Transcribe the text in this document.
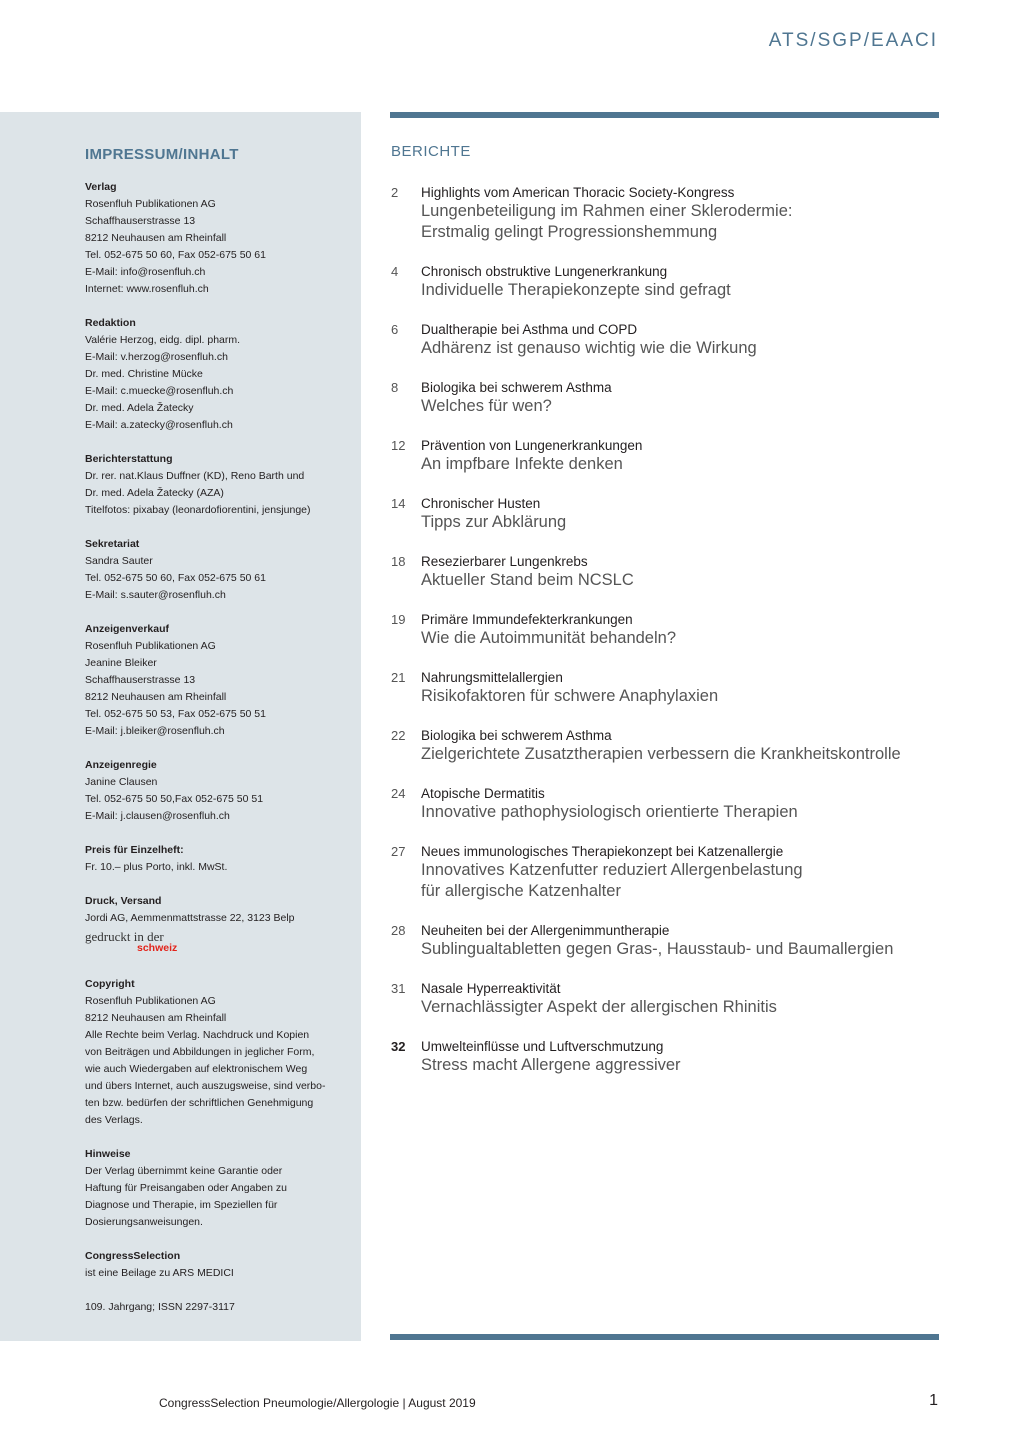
ATS/SGP/EAACI
IMPRESSUM/INHALT
Verlag
Rosenfluh Publikationen AG
Schaffhauserstrasse 13
8212 Neuhausen am Rheinfall
Tel. 052-675 50 60, Fax 052-675 50 61
E-Mail: info@rosenfluh.ch
Internet: www.rosenfluh.ch
Redaktion
Valérie Herzog, eidg. dipl. pharm.
E-Mail: v.herzog@rosenfluh.ch
Dr. med. Christine Mücke
E-Mail: c.muecke@rosenfluh.ch
Dr. med. Adela Žatecky
E-Mail: a.zatecky@rosenfluh.ch
Berichterstattung
Dr. rer. nat.Klaus Duffner (KD), Reno Barth und
Dr. med. Adela Žatecky (AZA)
Titelfotos: pixabay (leonardofiorentini, jensjunge)
Sekretariat
Sandra Sauter
Tel. 052-675 50 60, Fax 052-675 50 61
E-Mail: s.sauter@rosenfluh.ch
Anzeigenverkauf
Rosenfluh Publikationen AG
Jeanine Bleiker
Schaffhauserstrasse 13
8212 Neuhausen am Rheinfall
Tel. 052-675 50 53, Fax 052-675 50 51
E-Mail: j.bleiker@rosenfluh.ch
Anzeigenregie
Janine Clausen
Tel. 052-675 50 50,Fax 052-675 50 51
E-Mail: j.clausen@rosenfluh.ch
Preis für Einzelheft:
Fr. 10.– plus Porto, inkl. MwSt.
Druck, Versand
Jordi AG, Aemmenmattstrasse 22, 3123 Belp
gedruckt in der
schweiz
Copyright
Rosenfluh Publikationen AG
8212 Neuhausen am Rheinfall
Alle Rechte beim Verlag. Nachdruck und Kopien
von Beiträgen und Abbildungen in jeglicher Form,
wie auch Wiedergaben auf elektronischem Weg
und übers Internet, auch auszugsweise, sind verbo-
ten bzw. bedürfen der schriftlichen Genehmigung
des Verlags.
Hinweise
Der Verlag übernimmt keine Garantie oder
Haftung für Preisangaben oder Angaben zu
Diagnose und Therapie, im Speziellen für
Dosierungsanweisungen.
CongressSelection
ist eine Beilage zu ARS MEDICI
109. Jahrgang; ISSN 2297-3117
BERICHTE
2 Highlights vom American Thoracic Society-Kongress
Lungenbeteiligung im Rahmen einer Sklerodermie:
Erstmalig gelingt Progressionshemmung
4 Chronisch obstruktive Lungenerkrankung
Individuelle Therapiekonzepte sind gefragt
6 Dualtherapie bei Asthma und COPD
Adhärenz ist genauso wichtig wie die Wirkung
8 Biologika bei schwerem Asthma
Welches für wen?
12 Prävention von Lungenerkrankungen
An impfbare Infekte denken
14 Chronischer Husten
Tipps zur Abklärung
18 Resezierbarer Lungenkrebs
Aktueller Stand beim NCSLC
19 Primäre Immundefekterkrankungen
Wie die Autoimmunität behandeln?
21 Nahrungsmittelallergien
Risikofaktoren für schwere Anaphylaxien
22 Biologika bei schwerem Asthma
Zielgerichtete Zusatztherapien verbessern die Krankheitskontrolle
24 Atopische Dermatitis
Innovative pathophysiologisch orientierte Therapien
27 Neues immunologisches Therapiekonzept bei Katzenallergie
Innovatives Katzenfutter reduziert Allergenbelastung
für allergische Katzenhalter
28 Neuheiten bei der Allergenimmuntherapie
Sublingualtabletten gegen Gras-, Hausstaub- und Baumallergien
31 Nasale Hyperreaktivität
Vernachlässigter Aspekt der allergischen Rhinitis
32 Umwelteinflüsse und Luftverschmutzung
Stress macht Allergene aggressiver
CongressSelection Pneumologie/Allergologie | August 2019	1
